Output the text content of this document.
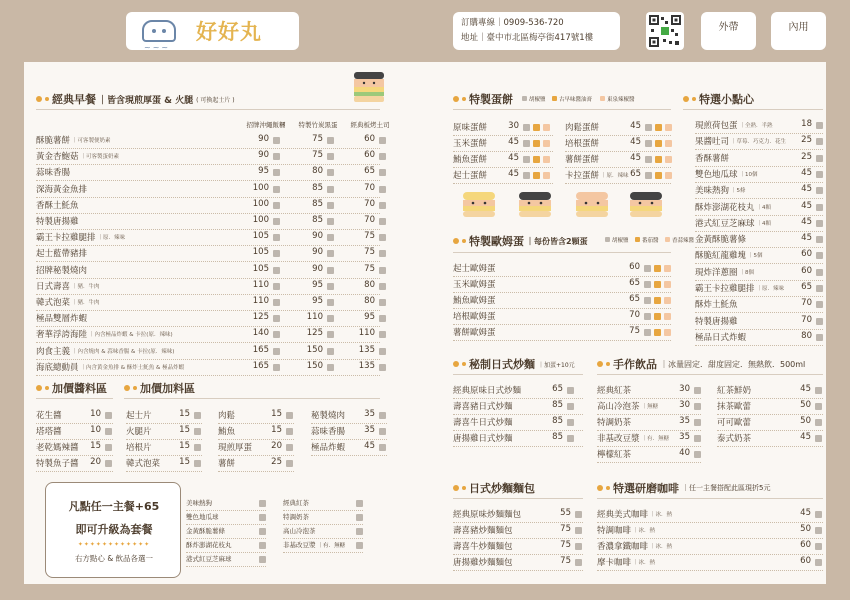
~~~
好好丸	訂購專線｜0909-536-720
地址｜臺中市北區梅亭街417號1樓
外帶	內用
經典早餐 ｜皆含現煎厚蛋 & 火腿 ( 可換起士片 )
招牌沖繩飯糰	特製竹炭黑蛋	經典板烤土司
酥脆薯餅 ｜可客製便奶素	90	75	60
黃金杏鮑菇 ｜可客製蛋奶素	90	75	60
蒜味香腸	95	80	65
深海黃金魚排	100	85	70
香酥土魠魚	100	85	70
特製唐揚雞	100	85	70
霸王卡拉雞腿排 ｜原．辣味	105	90	75
起士藍帶豬排	105	90	75
招牌秘製燒肉	105	90	75
日式壽喜 ｜豬．牛肉	110	95	80
韓式泡菜 ｜豬．牛肉	110	95	80
極品雙層炸蝦	125	110	95
奢華浮誇海陸 ｜內含極品炸蝦 & 卡拉(原．辣味)	140	125	110
肉食主義 ｜內含燒肉 & 蒜味香腸 & 卡拉(原．辣味)	165	150	135
海底總動員 ｜內含黃金魚排 & 酥炸土魠魚 & 極品炸蝦	165	150	135
加價醬料區	加價加料區
花生醬	10
塔塔醬	10
老乾媽辣醬	15
特製魚子醬	20
起士片	15
火腿片	15
培根片	15
韓式泡菜	15
肉鬆	15
鮪魚	15
現煎厚蛋	20
薯餅	25
秘製燒肉	35
蒜味香腸	35
極品炸蝦	45
凡點任一主餐+65
即可升級為套餐
✦✦✦✦✦✦✦✦✦✦✦✦
右方點心 & 飲品各選一
美味熱狗
雙色地瓜球
金黃酥脆薯條
酥炸澎湖花枝丸
港式紅豆芝麻球
經典紅茶
特調奶茶
高山冷泡茶
非基改豆漿 ｜有．無糖
特製蛋餅	胡椒鹽 古早味醬油膏	東泉辣椒醬
原味蛋餅	30
玉米蛋餅	45
鮪魚蛋餅	45
起士蛋餅	45
肉鬆蛋餅	45
培根蛋餅	45
薯餅蛋餅	45
卡拉蛋餅 ｜原．辣味 65
特製歐姆蛋 ｜每份皆含2顆蛋	胡椒鹽 番茄醬 香蒜辣醬
起士歐姆蛋	60
玉米歐姆蛋	65
鮪魚歐姆蛋	65
培根歐姆蛋	70
薯餅歐姆蛋	75
秘制日式炒麵 ｜加蛋+10元
經典原味日式炒麵	65
壽喜豬日式炒麵	85
壽喜牛日式炒麵	85
唐揚雞日式炒麵	85
日式炒麵麵包
經典原味炒麵麵包	55
壽喜豬炒麵麵包	75
壽喜牛炒麵麵包	75
唐揚雞炒麵麵包	75
特選小點心
現煎荷包蛋 ｜全熟．半熟	18
果醬吐司 ｜草莓．巧克力．花生	25
香酥薯餅	25
雙色地瓜球 ｜10個	45
美味熱狗 ｜5條	45
酥炸澎湖花枝丸 ｜4顆	45
港式紅豆芝麻球 ｜4顆	45
金黃酥脆薯條	45
酥脆紅龍雞塊 ｜5個	60
現炸洋蔥圈 ｜8個	60
霸王卡拉雞腿排 ｜原．辣味	65
酥炸土魠魚	70
特製唐揚雞	70
極品日式炸蝦	80
手作飲品 ｜冰量固定．甜度固定．無熱飲．500ml
經典紅茶	30
高山冷泡茶 ｜無糖	30
特調奶茶	35
非基改豆漿 ｜有．無糖	35
檸檬紅茶	40
紅茶鮮奶	45
抹茶歐蕾	50
可可歐蕾	50
泰式奶茶	45
特選研磨咖啡 ｜任一主餐搭配此區現折5元
經典美式咖啡 ｜冰．熱	45
特調咖啡 ｜冰．熱	50
香濃拿鐵咖啡 ｜冰．熱	60
摩卡咖啡 ｜冰．熱	60
